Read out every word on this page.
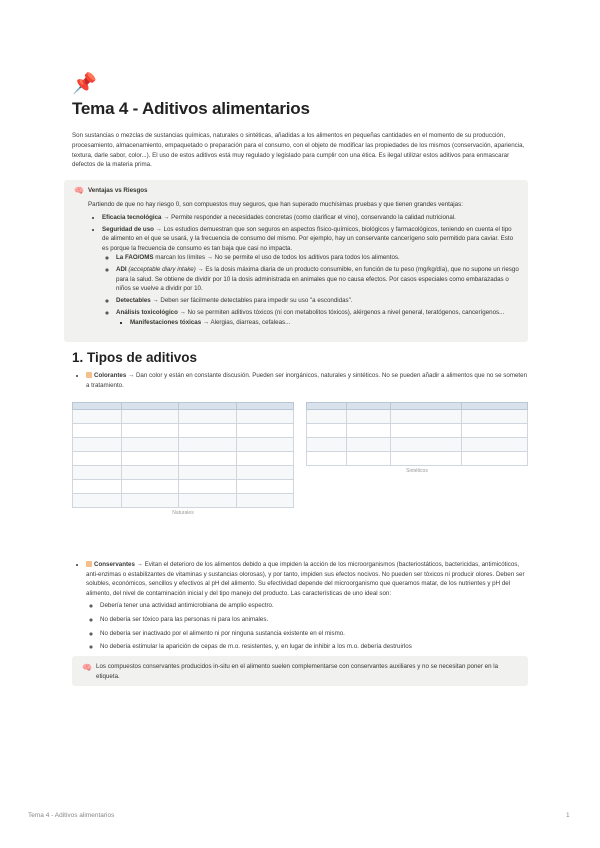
📌
Tema 4 - Aditivos alimentarios

Son sustancias o mezclas de sustancias químicas, naturales o sintéticas, añadidas a los alimentos en pequeñas cantidades en el momento de su producción, procesamiento, almacenamiento, empaquetado o preparación para el consumo, con el objeto de modificar las propiedades de los mismos (conservación, apariencia, textura, darle sabor, color...). El uso de estos aditivos está muy regulado y legislado para cumplir con una ética. Es ilegal utilizar estos aditivos para enmascarar defectos de la materia prima.

🧠 Ventajas vs Riesgos

Partiendo de que no hay riesgo 0, son compuestos muy seguros, que han superado muchísimas pruebas y que tienen grandes ventajas:

• Eficacia tecnológica → Permite responder a necesidades concretas (como clarificar el vino), conservando la calidad nutricional.
• Seguridad de uso → Los estudios demuestran que son seguros en aspectos físico-químicos, biológicos y farmacológicos, teniendo en cuenta el tipo de alimento en el que se usará, y la frecuencia de consumo del mismo. Por ejemplo, hay un conservante cancerígeno solo permitido para caviar. Esto es porque la frecuencia de consumo es tan baja que casi no impacta.
◦ La FAO/OMS marcan los límites → No se permite el uso de todos los aditivos para todos los alimentos.
◦ ADI (acceptable diary intake) → Es la dosis máxima diaria de un producto consumible, en función de tu peso (mg/kg/día), que no supone un riesgo para la salud. Se obtiene de dividir por 10 la dosis administrada en animales que no causa efectos. Por casos especiales como embarazadas o niños se vuelve a dividir por 10.
◦ Detectables → Deben ser fácilmente detectables para impedir su uso "a escondidas".
◦ Análisis toxicológico → No se permiten aditivos tóxicos (ni con metabolitos tóxicos), alérgenos a nivel general, teratógenos, cancerígenos...
▪ Manifestaciones tóxicas → Alergias, diarreas, cefaleas...
1. Tipos de aditivos
• Colorantes → Dan color y están en constante discusión. Pueden ser inorgánicos, naturales y sintéticos. No se pueden añadir a alimentos que no se someten a tratamiento.

Naturales

Sintéticos
• Conservantes → Evitan el deterioro de los alimentos debido a que impiden la acción de los microorganismos (bacteriostáticos, bactericidas, antimicóticos, anti-enzimas o estabilizantes de vitaminas y sustancias olorosas), y por tanto, impiden sus efectos nocivos. No pueden ser tóxicos ni producir olores. Deben ser solubles, económicos, sencillos y efectivos al pH del alimento. Su efectividad depende del microorganismo que queramos matar, de los nutrientes y pH del alimento, del nivel de contaminación inicial y del tipo manejo del producto. Las características de uno ideal son:
◦ Debería tener una actividad antimicrobiana de amplio espectro.
◦ No debería ser tóxico para las personas ni para los animales.
◦ No debería ser inactivado por el alimento ni por ninguna sustancia existente en el mismo.
◦ No debería estimular la aparición de cepas de m.o. resistentes, y, en lugar de inhibir a los m.o. debería destruirlos
🧠 Los compuestos conservantes producidos in-situ en el alimento suelen complementarse con conservantes auxiliares y no se necesitan poner en la etiqueta.
Tema 4 - Aditivos alimentarios	1
